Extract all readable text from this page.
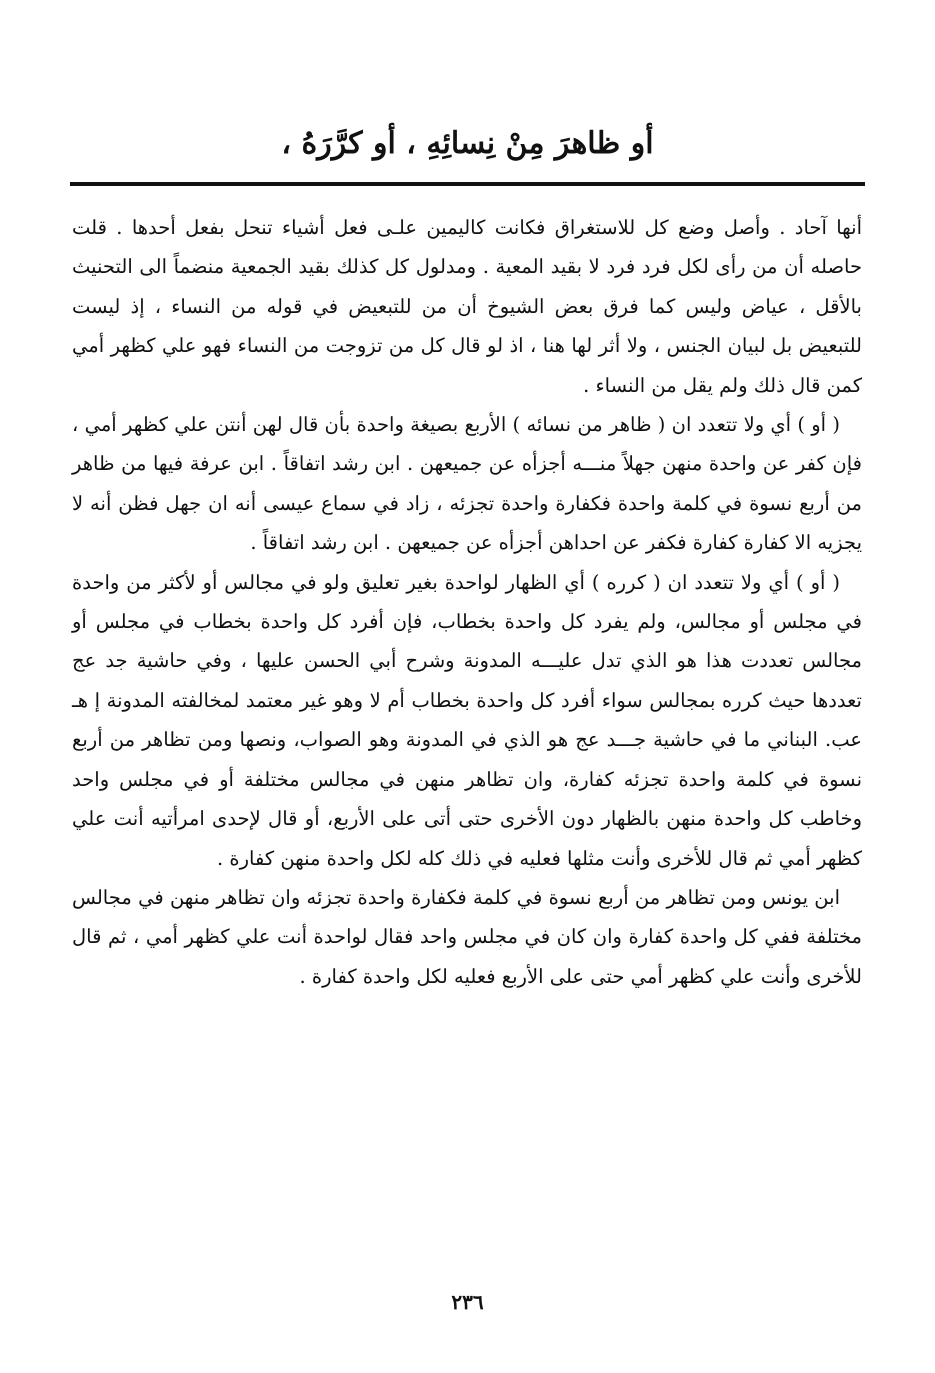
أو ظاهرَ مِنْ نِسائِهِ ، أو كرَّرَهُ ،

أنها آحاد . وأصل وضع كل للاستغراق فكانت كاليمين علـى فعل أشياء تنحل بفعل أحدها . قلت حاصله أن من رأى لكل فرد فرد لا بقيد المعية . ومدلول كل كذلك بقيد الجمعية منضماً الى التحنيث بالأقل ، عياض وليس كما فرق بعض الشيوخ أن من للتبعيض في قوله من النساء ، إذ ليست للتبعيض بل لبيان الجنس ، ولا أثر لها هنا ، اذ لو قال كل من تزوجت من النساء فهو علي كظهر أمي كمن قال ذلك ولم يقل من النساء .

( أو ) أي ولا تتعدد ان ( ظاهر من نسائه ) الأربع بصيغة واحدة بأن قال لهن أنتن علي كظهر أمي ، فإن كفر عن واحدة منهن جهلاً منـــه أجزأه عن جميعهن . ابن رشد اتفاقاً . ابن عرفة فيها من ظاهر من أربع نسوة في كلمة واحدة فكفارة واحدة تجزئه ، زاد في سماع عيسى أنه ان جهل فظن أنه لا يجزيه الا كفارة كفارة فكفر عن احداهن أجزأه عن جميعهن . ابن رشد اتفاقاً .

( أو ) أي ولا تتعدد ان ( كرره ) أي الظهار لواحدة بغير تعليق ولو في مجالس أو لأكثر من واحدة في مجلس أو مجالس، ولم يفرد كل واحدة بخطاب، فإن أفرد كل واحدة بخطاب في مجلس أو مجالس تعددت هذا هو الذي تدل عليـــه المدونة وشرح أبي الحسن عليها ، وفي حاشية جد عج تعددها حيث كرره بمجالس سواء أفرد كل واحدة بخطاب أم لا وهو غير معتمد لمخالفته المدونة إ هـ عب. البناني ما في حاشية جـــد عج هو الذي في المدونة وهو الصواب، ونصها ومن تظاهر من أربع نسوة في كلمة واحدة تجزئه كفارة، وان تظاهر منهن في مجالس مختلفة أو في مجلس واحد وخاطب كل واحدة منهن بالظهار دون الأخرى حتى أتى على الأربع، أو قال لإحدى امرأتيه أنت علي كظهر أمي ثم قال للأخرى وأنت مثلها فعليه في ذلك كله لكل واحدة منهن كفارة .

ابن يونس ومن تظاهر من أربع نسوة في كلمة فكفارة واحدة تجزئه وان تظاهر منهن في مجالس مختلفة ففي كل واحدة كفارة وان كان في مجلس واحد فقال لواحدة أنت علي كظهر أمي ، ثم قال للأخرى وأنت علي كظهر أمي حتى على الأربع فعليه لكل واحدة كفارة .

٢٣٦
